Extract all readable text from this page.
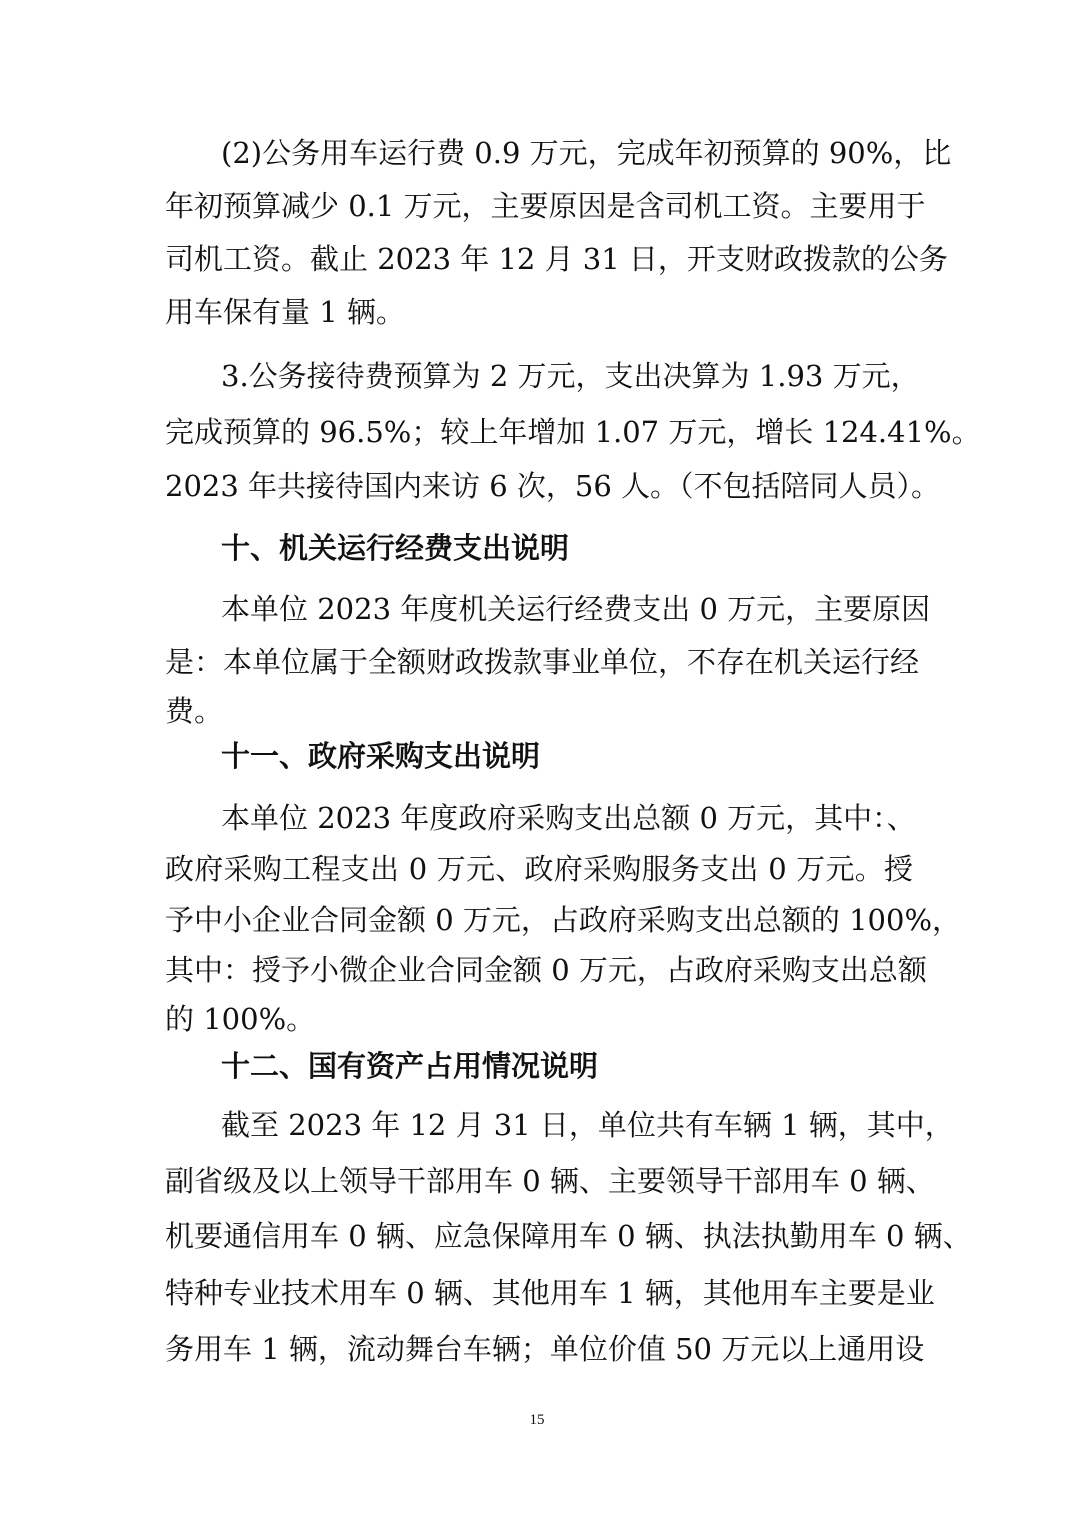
(2)公务用车运行费 0.9 万元，完成年初预算的 90%，比
年初预算减少 0.1 万元，主要原因是含司机工资。主要用于
司机工资。截止 2023 年 12 月 31 日，开支财政拨款的公务
用车保有量 1 辆。
3.公务接待费预算为 2 万元，支出决算为 1.93 万元，
完成预算的 96.5%；较上年增加 1.07 万元，增长 124.41%。
2023 年共接待国内来访 6 次，56 人。（不包括陪同人员）。
十、机关运行经费支出说明
本单位 2023 年度机关运行经费支出 0 万元，主要原因
是：本单位属于全额财政拨款事业单位，不存在机关运行经
费。
十一、政府采购支出说明
本单位 2023 年度政府采购支出总额 0 万元，其中：、
政府采购工程支出 0 万元、政府采购服务支出 0 万元。授
予中小企业合同金额 0 万元，占政府采购支出总额的 100%，
其中：授予小微企业合同金额 0 万元，占政府采购支出总额
的 100%。
十二、国有资产占用情况说明
截至 2023 年 12 月 31 日，单位共有车辆 1 辆，其中，
副省级及以上领导干部用车 0 辆、主要领导干部用车 0 辆、
机要通信用车 0 辆、应急保障用车 0 辆、执法执勤用车 0 辆、
特种专业技术用车 0 辆、其他用车 1 辆，其他用车主要是业
务用车 1 辆，流动舞台车辆；单位价值 50 万元以上通用设
15
